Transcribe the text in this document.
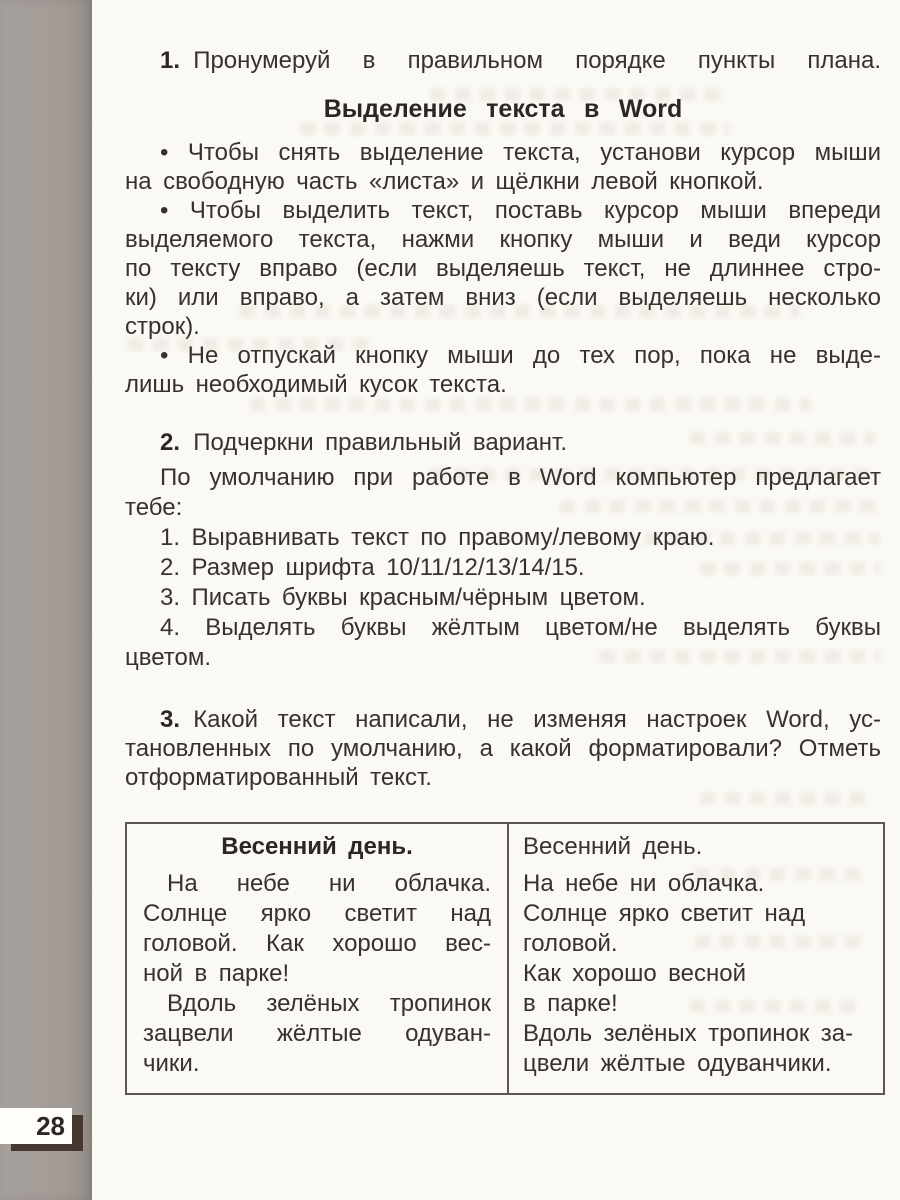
1. Пронумеруй в правильном порядке пункты плана.
Выделение текста в Word
• Чтобы снять выделение текста, установи курсор мыши
на свободную часть «листа» и щёлкни левой кнопкой.
• Чтобы выделить текст, поставь курсор мыши впереди
выделяемого текста, нажми кнопку мыши и веди курсор
по тексту вправо (если выделяешь текст, не длиннее стро-
ки) или вправо, а затем вниз (если выделяешь несколько
строк).
• Не отпускай кнопку мыши до тех пор, пока не выде-
лишь необходимый кусок текста.
2. Подчеркни правильный вариант.
По умолчанию при работе в Word компьютер предлагает
тебе:
1. Выравнивать текст по правому/левому краю.
2. Размер шрифта 10/11/12/13/14/15.
3. Писать буквы красным/чёрным цветом.
4. Выделять буквы жёлтым цветом/не выделять буквы
цветом.
3. Какой текст написали, не изменяя настроек Word, ус-
тановленных по умолчанию, а какой форматировали? Отметь
отформатированный текст.
Весенний день.
На небе ни облачка.
Солнце ярко светит над
головой. Как хорошо вес-
ной в парке!
Вдоль зелёных тропинок
зацвели жёлтые одуван-
чики.
Весенний день.
На небе ни облачка.
Солнце ярко светит над
головой.
Как хорошо весной
в парке!
Вдоль зелёных тропинок за-
цвели жёлтые одуванчики.
28
